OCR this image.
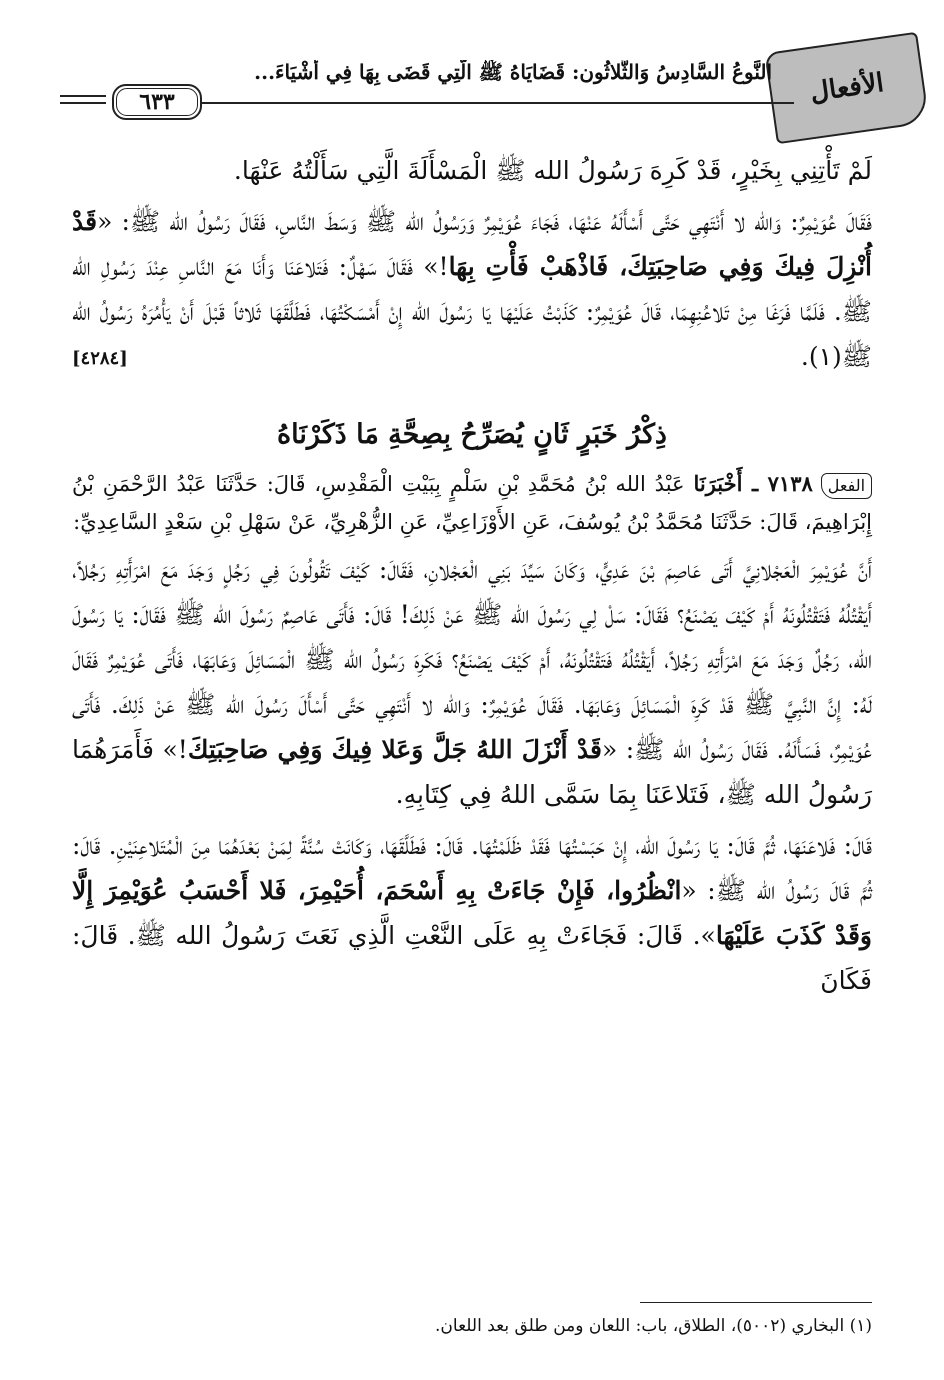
الأفعال
النَّوعُ السَّادِسُ وَالثَّلاثُون: قَضَايَاهُ ﷺ الَّتِي قَضَى بِهَا فِي أَشْيَاءَ...
٦٣٣

لَمْ تَأْتِنِي بِخَيْرٍ، قَدْ كَرِهَ رَسُولُ الله ﷺ الْمَسْأَلَةَ الَّتِي سَأَلْتُهُ عَنْهَا.

فَقَالَ عُوَيْمِرٌ: وَالله لا أَنْتَهِي حَتَّى أَسْأَلَهُ عَنْهَا، فَجَاءَ عُوَيْمِرٌ وَرَسُولُ الله ﷺ وَسَطَ النَّاسِ، فَقَالَ رَسُولُ الله ﷺ: «قَدْ أُنْزِلَ فِيكَ وَفِي صَاحِبَتِكَ، فَاذْهَبْ فَأْتِ بِهَا!» فَقَالَ سَهْلٌ: فَتَلاعَنَا وَأَنَا مَعَ النَّاسِ عِنْدَ رَسُولِ الله ﷺ. فَلَمَّا فَرَغَا مِنْ تَلاعُنِهِمَا، قَالَ عُوَيْمِرٌ: كَذَبْتُ عَلَيْهَا يَا رَسُولَ الله إِنْ أَمْسَكْتُهَا، فَطَلَّقَهَا ثَلاثاً قَبْلَ أَنْ يَأْمُرَهُ رَسُولُ الله ﷺ(١).
[٤٢٨٤]

ذِكْرُ خَبَرٍ ثَانٍ يُصَرِّحُ بِصِحَّةِ مَا ذَكَرْنَاهُ

الفعل٧١٣٨ ـ أَخْبَرَنَا عَبْدُ الله بْنُ مُحَمَّدِ بْنِ سَلْمٍ بِبَيْتِ الْمَقْدِسِ، قَالَ: حَدَّثَنَا عَبْدُ الرَّحْمَنِ بْنُ إِبْرَاهِيمَ، قَالَ: حَدَّثَنَا مُحَمَّدُ بْنُ يُوسُفَ، عَنِ الأَوْزَاعِيِّ، عَنِ الزُّهْرِيِّ، عَنْ سَهْلِ بْنِ سَعْدٍ السَّاعِدِيِّ:

أَنَّ عُوَيْمِرَ الْعَجْلانِيَّ أَتَى عَاصِمَ بْنَ عَدِيٍّ، وَكَانَ سَيِّدَ بَنِي الْعَجْلانِ، فَقَالَ: كَيْفَ تَقُولُونَ فِي رَجُلٍ وَجَدَ مَعَ امْرَأَتِهِ رَجُلاً، أَيَقْتُلُهُ فَتَقْتُلُونَهُ أَمْ كَيْفَ يَصْنَعُ؟ فَقَالَ: سَلْ لِي رَسُولَ الله ﷺ عَنْ ذَلِكَ! قَالَ: فَأَتَى عَاصِمٌ رَسُولَ الله ﷺ فَقَالَ: يَا رَسُولَ الله، رَجُلٌ وَجَدَ مَعَ امْرَأَتِهِ رَجُلاً، أَيَقْتُلُهُ فَتَقْتُلُونَهُ، أَمْ كَيْفَ يَصْنَعُ؟ فَكَرِهَ رَسُولُ الله ﷺ الْمَسَائِلَ وَعَابَهَا، فَأَتَى عُوَيْمِرٌ فَقَالَ لَهُ: إِنَّ النَّبِيَّ ﷺ قَدْ كَرِهَ الْمَسَائِلَ وَعَابَهَا. فَقَالَ عُوَيْمِرٌ: وَالله لا أَنْتَهِي حَتَّى أَسْأَلَ رَسُولَ الله ﷺ عَنْ ذَلِكَ. فَأَتَى عُوَيْمِرٌ، فَسَأَلَهُ. فَقَالَ رَسُولُ الله ﷺ: «قَدْ أَنْزَلَ اللهُ جَلَّ وَعَلا فِيكَ وَفِي صَاحِبَتِكَ!» فَأَمَرَهُمَا رَسُولُ الله ﷺ، فَتَلاعَنَا بِمَا سَمَّى اللهُ فِي كِتَابِهِ.

قَالَ: فَلاعَنَهَا، ثُمَّ قَالَ: يَا رَسُولَ الله، إِنْ حَبَسْتُهَا فَقَدْ ظَلَمْتُهَا. قَالَ: فَطَلَّقَهَا، وَكَانَتْ سُنَّةً لِمَنْ بَعْدَهُمَا مِنَ الْمُتَلاعِنَيْنِ. قَالَ: ثُمَّ قَالَ رَسُولُ الله ﷺ: «انْظُرُوا، فَإِنْ جَاءَتْ بِهِ أَسْحَمَ، أُحَيْمِرَ، فَلا أَحْسَبُ عُوَيْمِرَ إِلَّا وَقَدْ كَذَبَ عَلَيْهَا». قَالَ: فَجَاءَتْ بِهِ عَلَى النَّعْتِ الَّذِي نَعَتَ رَسُولُ الله ﷺ. قَالَ: فَكَانَ

(١) البخاري (٥٠٠٢)، الطلاق، باب: اللعان ومن طلق بعد اللعان.
